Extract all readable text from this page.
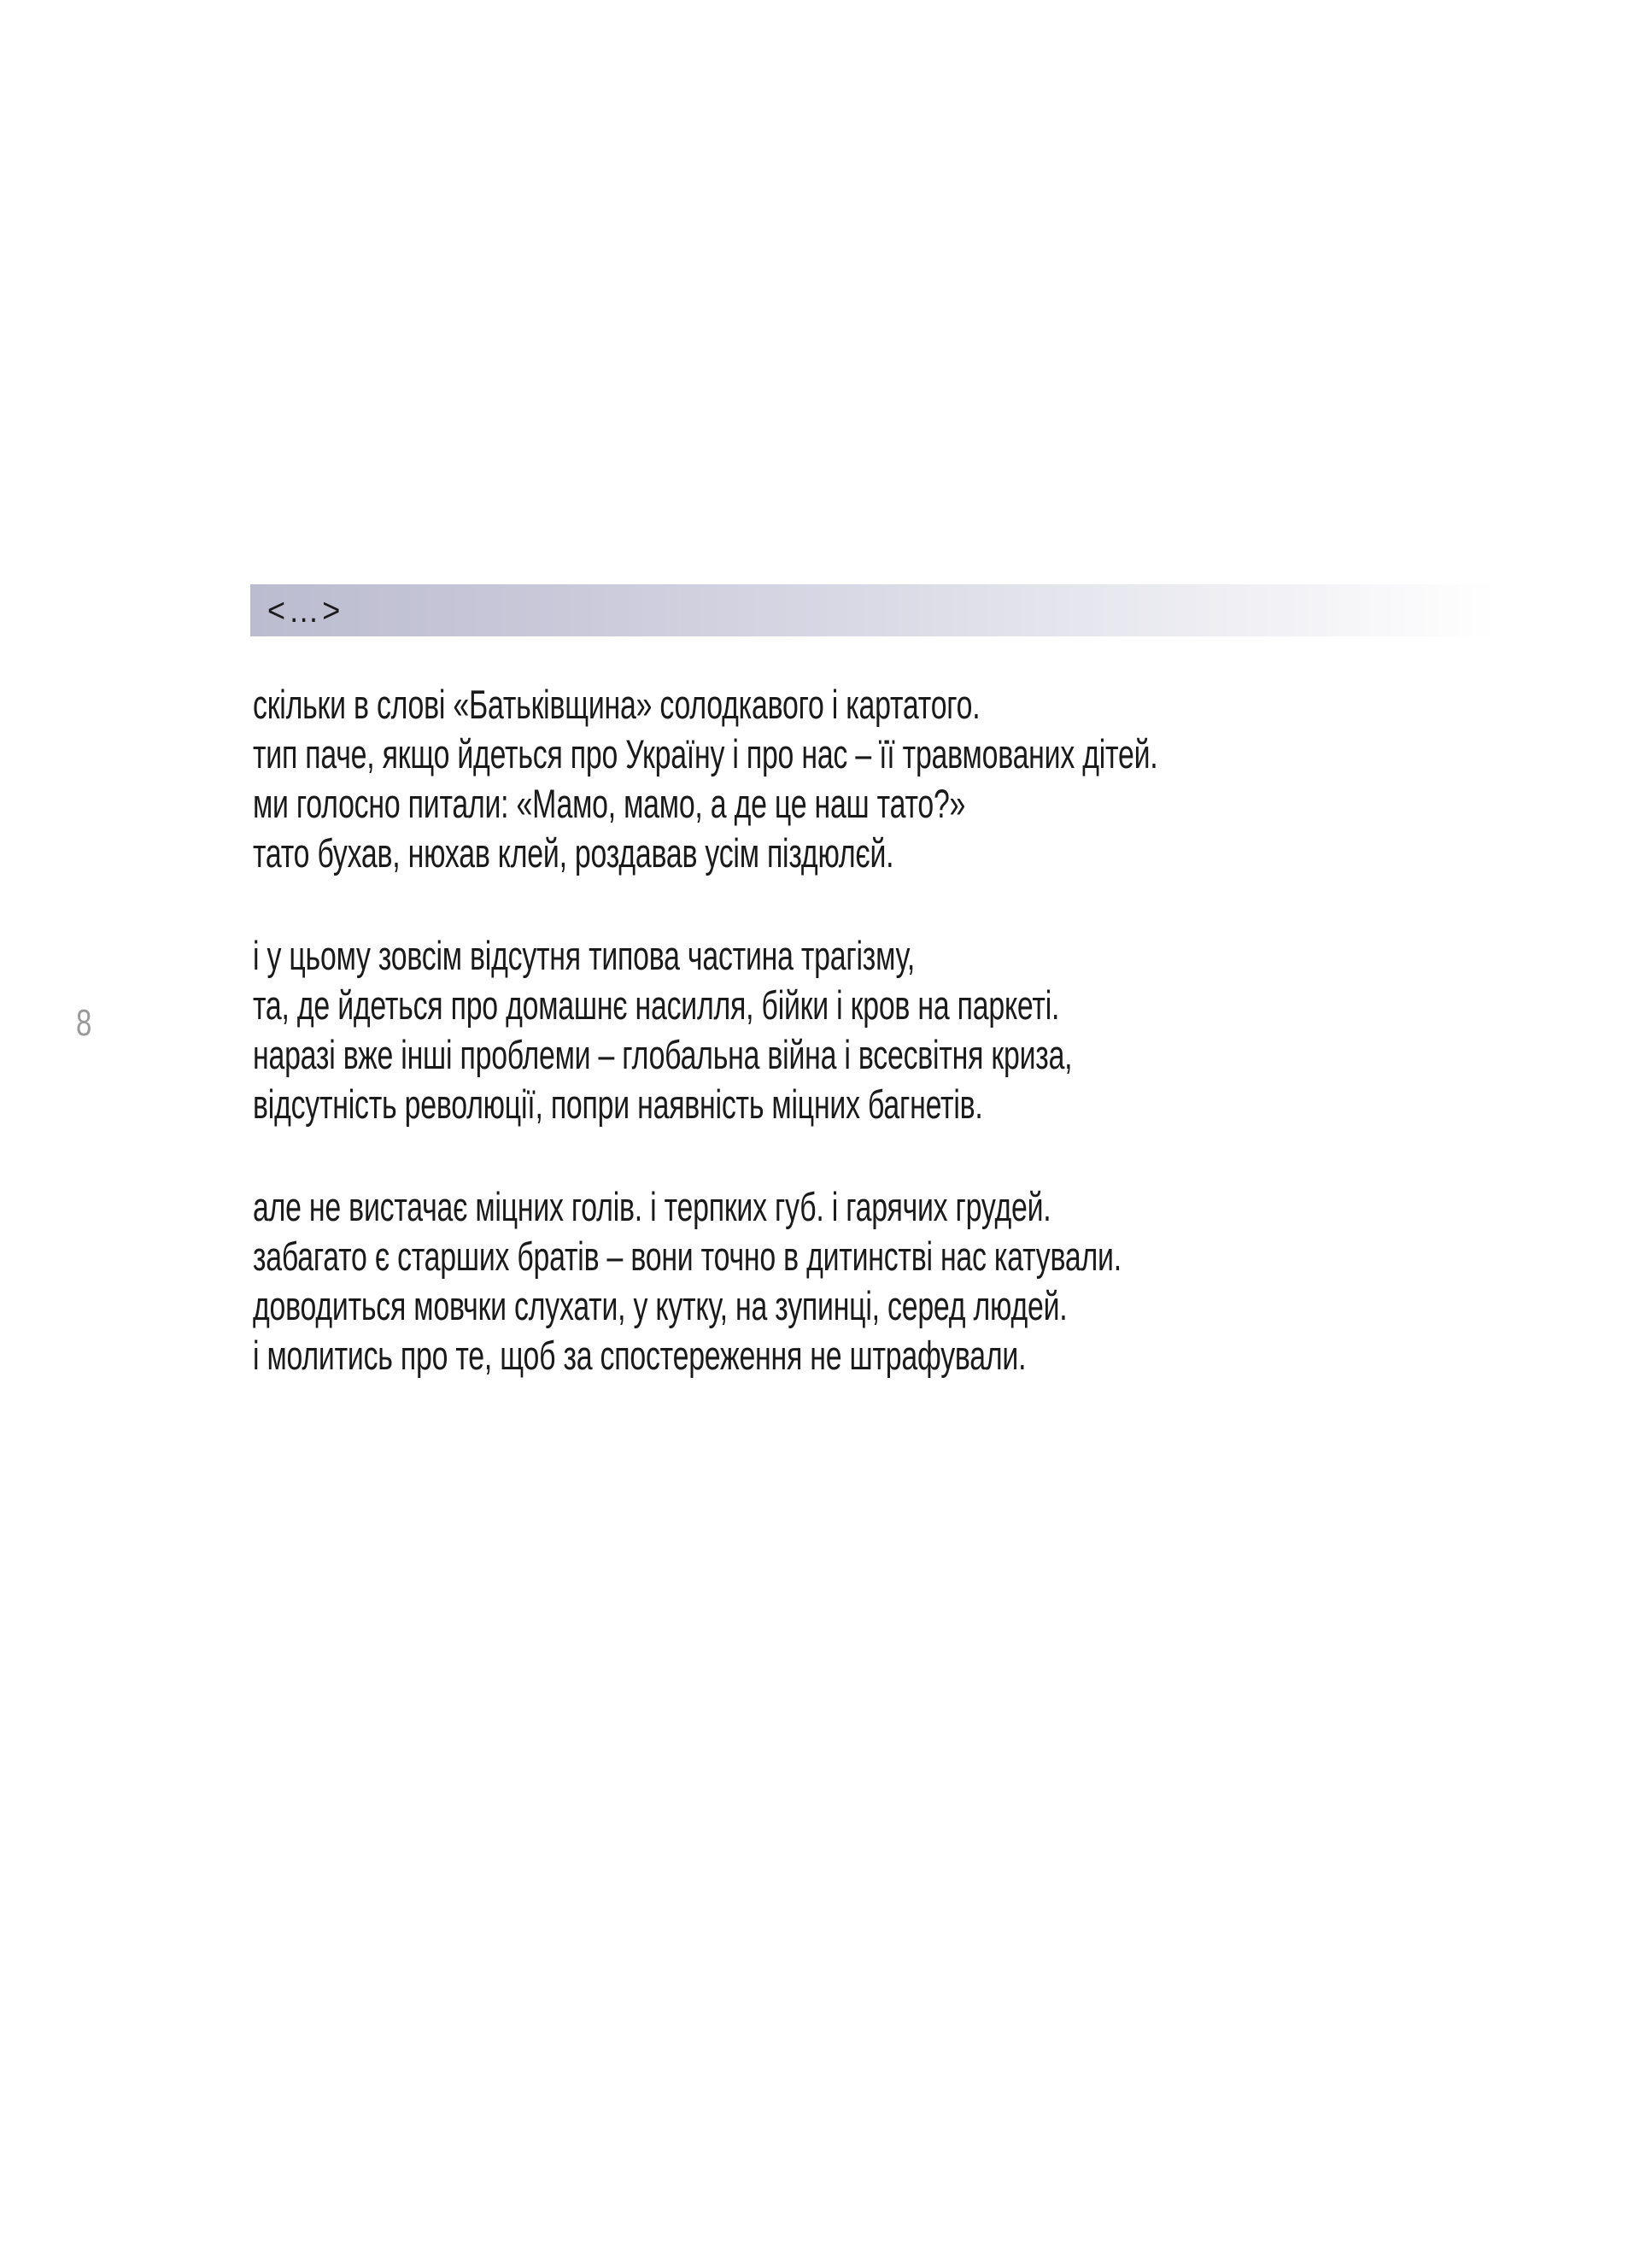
<…>
8
скільки в слові «Батьківщина» солодкавого і картатого.
тип паче, якщо йдеться про Україну і про нас – її травмованих дітей.
ми голосно питали: «Мамо, мамо, а де це наш тато?»
тато бухав, нюхав клей, роздавав усім піздюлєй.
і у цьому зовсім відсутня типова частина трагізму,
та, де йдеться про домашнє насилля, бійки і кров на паркеті.
наразі вже інші проблеми – глобальна війна і всесвітня криза,
відсутність революції, попри наявність міцних багнетів.
але не вистачає міцних голів. і терпких губ. і гарячих грудей.
забагато є старших братів – вони точно в дитинстві нас катували.
доводиться мовчки слухати, у кутку, на зупинці, серед людей.
і молитись про те, щоб за спостереження не штрафували.
